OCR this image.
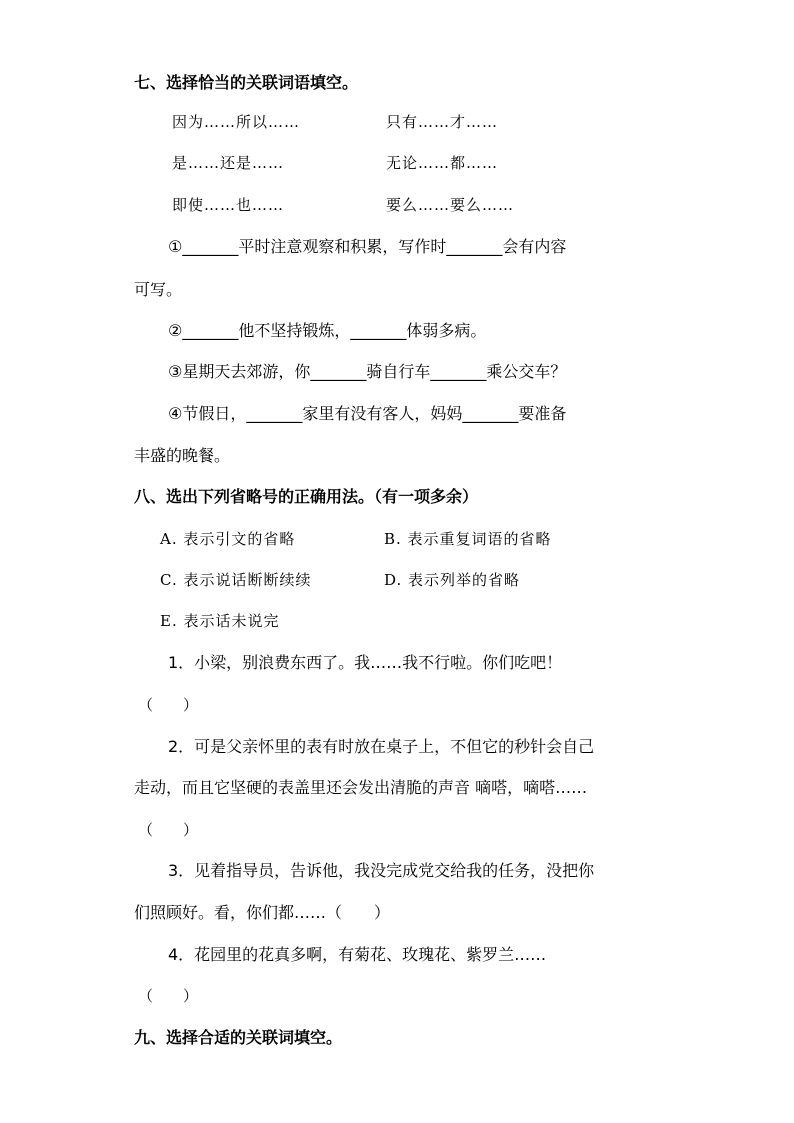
七、选择恰当的关联词语填空。
因为……所以……	只有……才……
是……还是……	无论……都……
即使……也……	要么……要么……
①_______平时注意观察和积累，写作时_______会有内容
可写。
②_______他不坚持锻炼，_______体弱多病。
③星期天去郊游，你_______骑自行车_______乘公交车？
④节假日，_______家里有没有客人，妈妈_______要准备
丰盛的晚餐。
八、选出下列省略号的正确用法。（有一项多余）
A. 表示引文的省略	B. 表示重复词语的省略
C. 表示说话断断续续	D. 表示列举的省略
E. 表示话未说完
1．小梁，别浪费东西了。我……我不行啦。你们吃吧！
（　　）
2．可是父亲怀里的表有时放在桌子上，不但它的秒针会自己
走动，而且它坚硬的表盖里还会发出清脆的声音 嘀嗒，嘀嗒……
（　　）
3．见着指导员，告诉他，我没完成党交给我的任务，没把你
们照顾好。看，你们都……（　　）
4．花园里的花真多啊，有菊花、玫瑰花、紫罗兰……
（　　）
九、选择合适的关联词填空。
